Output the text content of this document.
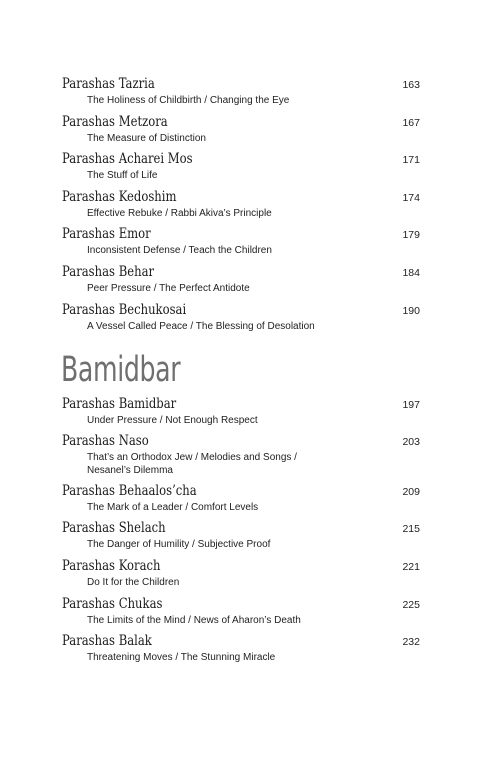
Parashas Tazria
The Holiness of Childbirth / Changing the Eye
163
Parashas Metzora
The Measure of Distinction
167
Parashas Acharei Mos
The Stuff of Life
171
Parashas Kedoshim
Effective Rebuke / Rabbi Akiva’s Principle
174
Parashas Emor
Inconsistent Defense / Teach the Children
179
Parashas Behar
Peer Pressure / The Perfect Antidote
184
Parashas Bechukosai
A Vessel Called Peace / The Blessing of Desolation
190
Bamidbar
Parashas Bamidbar
Under Pressure / Not Enough Respect
197
Parashas Naso
That’s an Orthodox Jew / Melodies and Songs / Nesanel’s Dilemma
203
Parashas Behaalos’cha
The Mark of a Leader / Comfort Levels
209
Parashas Shelach
The Danger of Humility / Subjective Proof
215
Parashas Korach
Do It for the Children
221
Parashas Chukas
The Limits of the Mind / News of Aharon’s Death
225
Parashas Balak
Threatening Moves / The Stunning Miracle
232
